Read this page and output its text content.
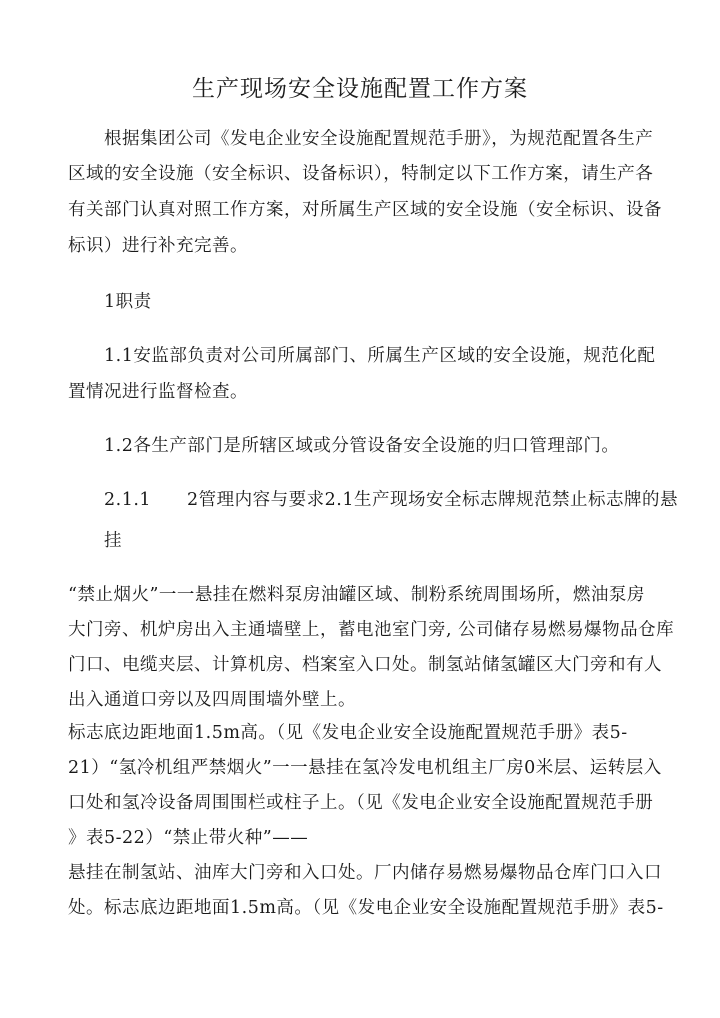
生产现场安全设施配置工作方案
根据集团公司《发电企业安全设施配置规范手册》，为规范配置各生产
区域的安全设施（安全标识、设备标识），特制定以下工作方案，请生产各
有关部门认真对照工作方案，对所属生产区域的安全设施（安全标识、设备
标识）进行补充完善。
1职责
1.1安监部负责对公司所属部门、所属生产区域的安全设施，规范化配
置情况进行监督检查。
1.2各生产部门是所辖区域或分管设备安全设施的归口管理部门。
2.1.1　　2管理内容与要求2.1生产现场安全标志牌规范禁止标志牌的悬
挂
“禁止烟火”一一悬挂在燃料泵房油罐区域、制粉系统周围场所，燃油泵房
大门旁、机炉房出入主通墙壁上，蓄电池室门旁, 公司储存易燃易爆物品仓库
门口、电缆夹层、计算机房、档案室入口处。制氢站储氢罐区大门旁和有人
出入通道口旁以及四周围墙外壁上。
标志底边距地面1.5m高。（见《发电企业安全设施配置规范手册》表5-
21）“氢冷机组严禁烟火”一一悬挂在氢冷发电机组主厂房0米层、运转层入
口处和氢冷设备周围围栏或柱子上。（见《发电企业安全设施配置规范手册
》表5-22）“禁止带火种”——
悬挂在制氢站、油库大门旁和入口处。厂内储存易燃易爆物品仓库门口入口
处。标志底边距地面1.5m高。（见《发电企业安全设施配置规范手册》表5-
